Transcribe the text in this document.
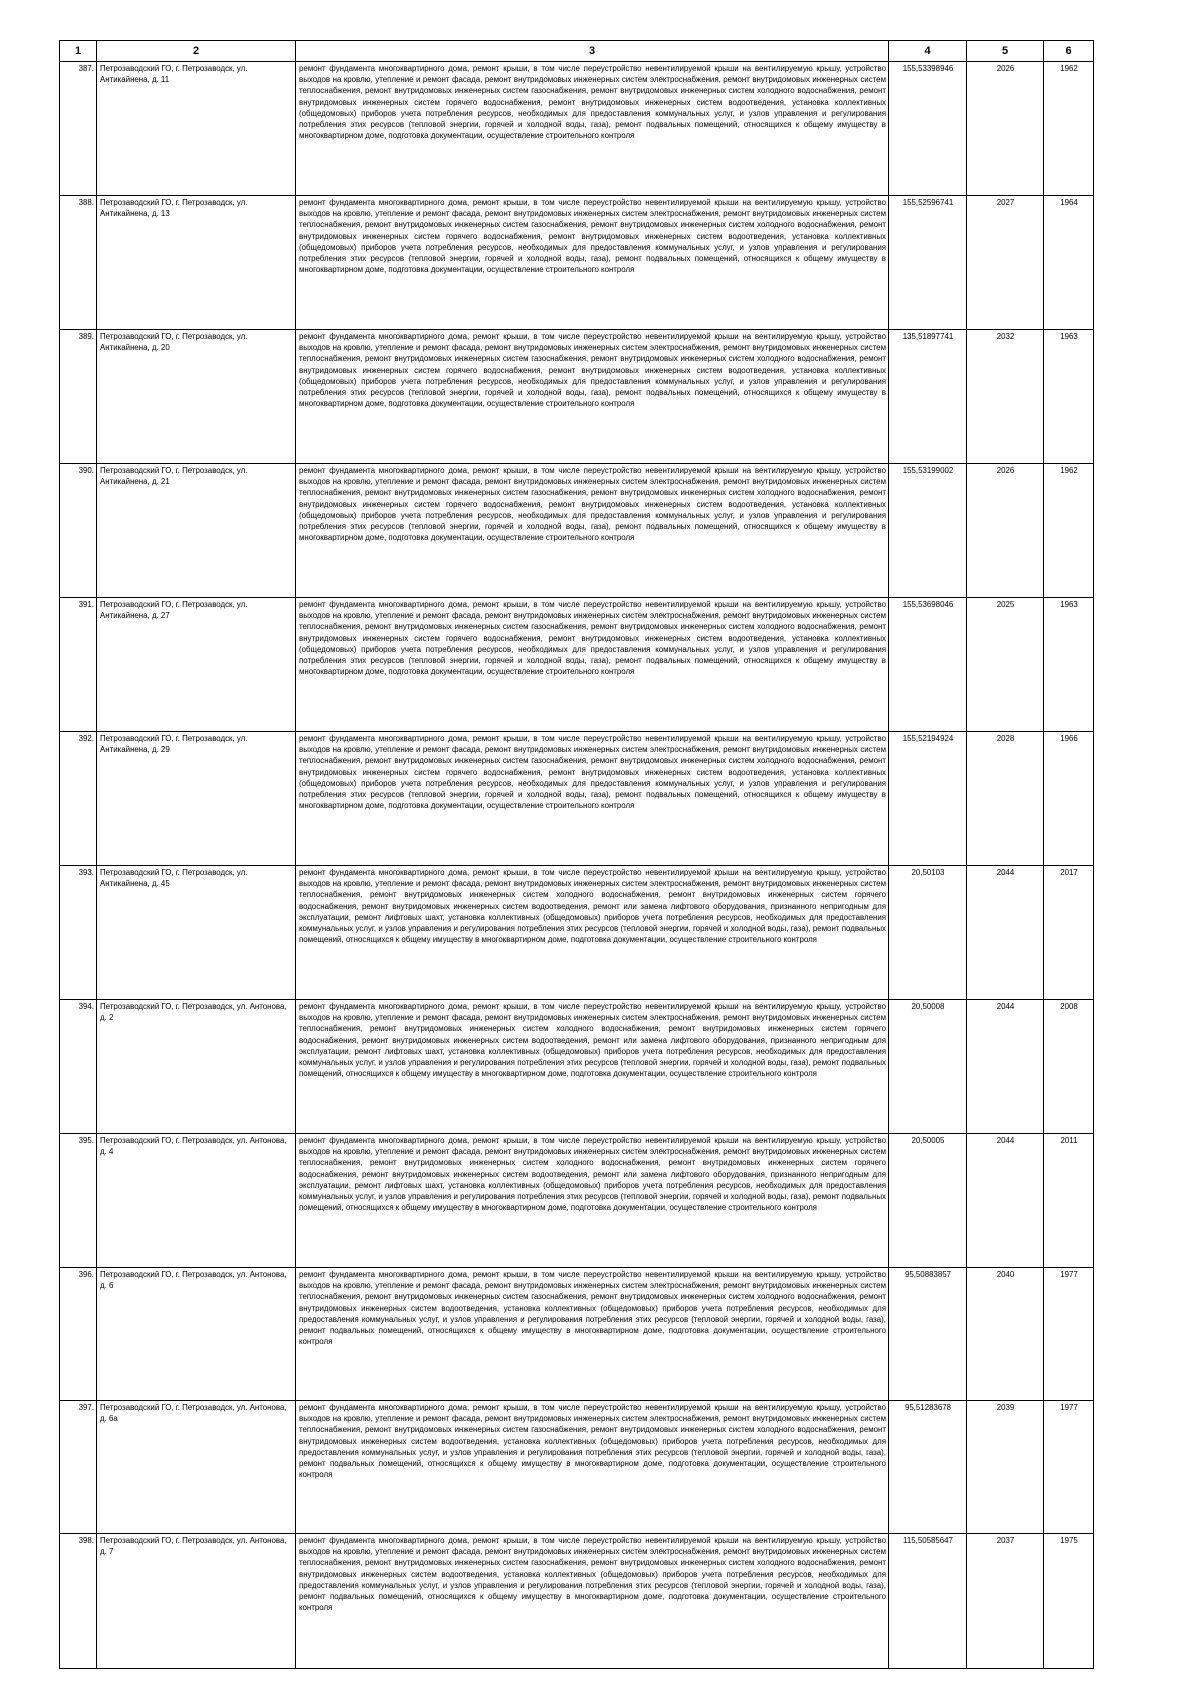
1	2	3	4	5	6
387.	Петрозаводский ГО, г. Петрозаводск, ул. Антикайнена, д. 11	ремонт фундамента многоквартирного дома, ремонт крыши, в том числе переустройство невентилируемой крыши на вентилируемую крышу, устройство выходов на кровлю, утепление и ремонт фасада, ремонт внутридомовых инженерных систем электроснабжения, ремонт внутридомовых инженерных систем теплоснабжения, ремонт внутридомовых инженерных систем газоснабжения, ремонт внутридомовых инженерных систем холодного водоснабжения, ремонт внутридомовых инженерных систем горячего водоснабжения, ремонт внутридомовых инженерных систем водоотведения, установка коллективных (общедомовых) приборов учета потребления ресурсов, необходимых для предоставления коммунальных услуг, и узлов управления и регулирования потребления этих ресурсов (тепловой энергии, горячей и холодной воды, газа), ремонт подвальных помещений, относящихся к общему имуществу в многоквартирном доме, подготовка документации, осуществление строительного контроля	155,53398946	2026	1962
388.	Петрозаводский ГО, г. Петрозаводск, ул. Антикайнена, д. 13	ремонт фундамента многоквартирного дома, ремонт крыши, в том числе переустройство невентилируемой крыши на вентилируемую крышу, устройство выходов на кровлю, утепление и ремонт фасада, ремонт внутридомовых инженерных систем электроснабжения, ремонт внутридомовых инженерных систем теплоснабжения, ремонт внутридомовых инженерных систем газоснабжения, ремонт внутридомовых инженерных систем холодного водоснабжения, ремонт внутридомовых инженерных систем горячего водоснабжения, ремонт внутридомовых инженерных систем водоотведения, установка коллективных (общедомовых) приборов учета потребления ресурсов, необходимых для предоставления коммунальных услуг, и узлов управления и регулирования потребления этих ресурсов (тепловой энергии, горячей и холодной воды, газа), ремонт подвальных помещений, относящихся к общему имуществу в многоквартирном доме, подготовка документации, осуществление строительного контроля	155,52596741	2027	1964
389.	Петрозаводский ГО, г. Петрозаводск, ул. Антикайнена, д. 20	ремонт фундамента многоквартирного дома, ремонт крыши, в том числе переустройство невентилируемой крыши на вентилируемую крышу, устройство выходов на кровлю, утепление и ремонт фасада, ремонт внутридомовых инженерных систем электроснабжения, ремонт внутридомовых инженерных систем теплоснабжения, ремонт внутридомовых инженерных систем газоснабжения, ремонт внутридомовых инженерных систем холодного водоснабжения, ремонт внутридомовых инженерных систем горячего водоснабжения, ремонт внутридомовых инженерных систем водоотведения, установка коллективных (общедомовых) приборов учета потребления ресурсов, необходимых для предоставления коммунальных услуг, и узлов управления и регулирования потребления этих ресурсов (тепловой энергии, горячей и холодной воды, газа), ремонт подвальных помещений, относящихся к общему имуществу в многоквартирном доме, подготовка документации, осуществление строительного контроля	135,51897741	2032	1963
390.	Петрозаводский ГО, г. Петрозаводск, ул. Антикайнена, д. 21	ремонт фундамента многоквартирного дома, ремонт крыши, в том числе переустройство невентилируемой крыши на вентилируемую крышу, устройство выходов на кровлю, утепление и ремонт фасада, ремонт внутридомовых инженерных систем электроснабжения, ремонт внутридомовых инженерных систем теплоснабжения, ремонт внутридомовых инженерных систем газоснабжения, ремонт внутридомовых инженерных систем холодного водоснабжения, ремонт внутридомовых инженерных систем горячего водоснабжения, ремонт внутридомовых инженерных систем водоотведения, установка коллективных (общедомовых) приборов учета потребления ресурсов, необходимых для предоставления коммунальных услуг, и узлов управления и регулирования потребления этих ресурсов (тепловой энергии, горячей и холодной воды, газа), ремонт подвальных помещений, относящихся к общему имуществу в многоквартирном доме, подготовка документации, осуществление строительного контроля	155,53199002	2026	1962
391.	Петрозаводский ГО, г. Петрозаводск, ул. Антикайнена, д. 27	ремонт фундамента многоквартирного дома, ремонт крыши, в том числе переустройство невентилируемой крыши на вентилируемую крышу, устройство выходов на кровлю, утепление и ремонт фасада, ремонт внутридомовых инженерных систем электроснабжения, ремонт внутридомовых инженерных систем теплоснабжения, ремонт внутридомовых инженерных систем газоснабжения, ремонт внутридомовых инженерных систем холодного водоснабжения, ремонт внутридомовых инженерных систем горячего водоснабжения, ремонт внутридомовых инженерных систем водоотведения, установка коллективных (общедомовых) приборов учета потребления ресурсов, необходимых для предоставления коммунальных услуг, и узлов управления и регулирования потребления этих ресурсов (тепловой энергии, горячей и холодной воды, газа), ремонт подвальных помещений, относящихся к общему имуществу в многоквартирном доме, подготовка документации, осуществление строительного контроля	155,53698046	2025	1963
392.	Петрозаводский ГО, г. Петрозаводск, ул. Антикайнена, д. 29	ремонт фундамента многоквартирного дома, ремонт крыши, в том числе переустройство невентилируемой крыши на вентилируемую крышу, устройство выходов на кровлю, утепление и ремонт фасада, ремонт внутридомовых инженерных систем электроснабжения, ремонт внутридомовых инженерных систем теплоснабжения, ремонт внутридомовых инженерных систем газоснабжения, ремонт внутридомовых инженерных систем холодного водоснабжения, ремонт внутридомовых инженерных систем горячего водоснабжения, ремонт внутридомовых инженерных систем водоотведения, установка коллективных (общедомовых) приборов учета потребления ресурсов, необходимых для предоставления коммунальных услуг, и узлов управления и регулирования потребления этих ресурсов (тепловой энергии, горячей и холодной воды, газа), ремонт подвальных помещений, относящихся к общему имуществу в многоквартирном доме, подготовка документации, осуществление строительного контроля	155,52194924	2028	1966
393.	Петрозаводский ГО, г. Петрозаводск, ул. Антикайнена, д. 45	ремонт фундамента многоквартирного дома, ремонт крыши, в том числе переустройство невентилируемой крыши на вентилируемую крышу, устройство выходов на кровлю, утепление и ремонт фасада, ремонт внутридомовых инженерных систем электроснабжения, ремонт внутридомовых инженерных систем теплоснабжения, ремонт внутридомовых инженерных систем холодного водоснабжения, ремонт внутридомовых инженерных систем горячего водоснабжения, ремонт внутридомовых инженерных систем водоотведения, ремонт или замена лифтового оборудования, признанного непригодным для эксплуатации, ремонт лифтовых шахт, установка коллективных (общедомовых) приборов учета потребления ресурсов, необходимых для предоставления коммунальных услуг, и узлов управления и регулирования потребления этих ресурсов (тепловой энергии, горячей и холодной воды, газа), ремонт подвальных помещений, относящихся к общему имуществу в многоквартирном доме, подготовка документации, осуществление строительного контроля	20,50103	2044	2017
394.	Петрозаводский ГО, г. Петрозаводск, ул. Антонова, д. 2	ремонт фундамента многоквартирного дома, ремонт крыши, в том числе переустройство невентилируемой крыши на вентилируемую крышу, устройство выходов на кровлю, утепление и ремонт фасада, ремонт внутридомовых инженерных систем электроснабжения, ремонт внутридомовых инженерных систем теплоснабжения, ремонт внутридомовых инженерных систем холодного водоснабжения, ремонт внутридомовых инженерных систем горячего водоснабжения, ремонт внутридомовых инженерных систем водоотведения, ремонт или замена лифтового оборудования, признанного непригодным для эксплуатации, ремонт лифтовых шахт, установка коллективных (общедомовых) приборов учета потребления ресурсов, необходимых для предоставления коммунальных услуг, и узлов управления и регулирования потребления этих ресурсов (тепловой энергии, горячей и холодной воды, газа), ремонт подвальных помещений, относящихся к общему имуществу в многоквартирном доме, подготовка документации, осуществление строительного контроля	20,50008	2044	2008
395.	Петрозаводский ГО, г. Петрозаводск, ул. Антонова, д. 4	ремонт фундамента многоквартирного дома, ремонт крыши, в том числе переустройство невентилируемой крыши на вентилируемую крышу, устройство выходов на кровлю, утепление и ремонт фасада, ремонт внутридомовых инженерных систем электроснабжения, ремонт внутридомовых инженерных систем теплоснабжения, ремонт внутридомовых инженерных систем холодного водоснабжения, ремонт внутридомовых инженерных систем горячего водоснабжения, ремонт внутридомовых инженерных систем водоотведения, ремонт или замена лифтового оборудования, признанного непригодным для эксплуатации, ремонт лифтовых шахт, установка коллективных (общедомовых) приборов учета потребления ресурсов, необходимых для предоставления коммунальных услуг, и узлов управления и регулирования потребления этих ресурсов (тепловой энергии, горячей и холодной воды, газа), ремонт подвальных помещений, относящихся к общему имуществу в многоквартирном доме, подготовка документации, осуществление строительного контроля	20,50005	2044	2011
396.	Петрозаводский ГО, г. Петрозаводск, ул. Антонова, д. 6	ремонт фундамента многоквартирного дома, ремонт крыши, в том числе переустройство невентилируемой крыши на вентилируемую крышу, устройство выходов на кровлю, утепление и ремонт фасада, ремонт внутридомовых инженерных систем электроснабжения, ремонт внутридомовых инженерных систем теплоснабжения, ремонт внутридомовых инженерных систем газоснабжения, ремонт внутридомовых инженерных систем холодного водоснабжения, ремонт внутридомовых инженерных систем водоотведения, установка коллективных (общедомовых) приборов учета потребления ресурсов, необходимых для предоставления коммунальных услуг, и узлов управления и регулирования потребления этих ресурсов (тепловой энергии, горячей и холодной воды, газа), ремонт подвальных помещений, относящихся к общему имуществу в многоквартирном доме, подготовка документации, осуществление строительного контроля	95,50883857	2040	1977
397.	Петрозаводский ГО, г. Петрозаводск, ул. Антонова, д. 6а	ремонт фундамента многоквартирного дома, ремонт крыши, в том числе переустройство невентилируемой крыши на вентилируемую крышу, устройство выходов на кровлю, утепление и ремонт фасада, ремонт внутридомовых инженерных систем электроснабжения, ремонт внутридомовых инженерных систем теплоснабжения, ремонт внутридомовых инженерных систем газоснабжения, ремонт внутридомовых инженерных систем холодного водоснабжения, ремонт внутридомовых инженерных систем водоотведения, установка коллективных (общедомовых) приборов учета потребления ресурсов, необходимых для предоставления коммунальных услуг, и узлов управления и регулирования потребления этих ресурсов (тепловой энергии, горячей и холодной воды, газа), ремонт подвальных помещений, относящихся к общему имуществу в многоквартирном доме, подготовка документации, осуществление строительного контроля	95,51283678	2039	1977
398.	Петрозаводский ГО, г. Петрозаводск, ул. Антонова, д. 7	ремонт фундамента многоквартирного дома, ремонт крыши, в том числе переустройство невентилируемой крыши на вентилируемую крышу, устройство выходов на кровлю, утепление и ремонт фасада, ремонт внутридомовых инженерных систем электроснабжения, ремонт внутридомовых инженерных систем теплоснабжения, ремонт внутридомовых инженерных систем газоснабжения, ремонт внутридомовых инженерных систем холодного водоснабжения, ремонт внутридомовых инженерных систем водоотведения, установка коллективных (общедомовых) приборов учета потребления ресурсов, необходимых для предоставления коммунальных услуг, и узлов управления и регулирования потребления этих ресурсов (тепловой энергии, горячей и холодной воды, газа), ремонт подвальных помещений, относящихся к общему имуществу в многоквартирном доме, подготовка документации, осуществление строительного контроля	115,50585647	2037	1975
